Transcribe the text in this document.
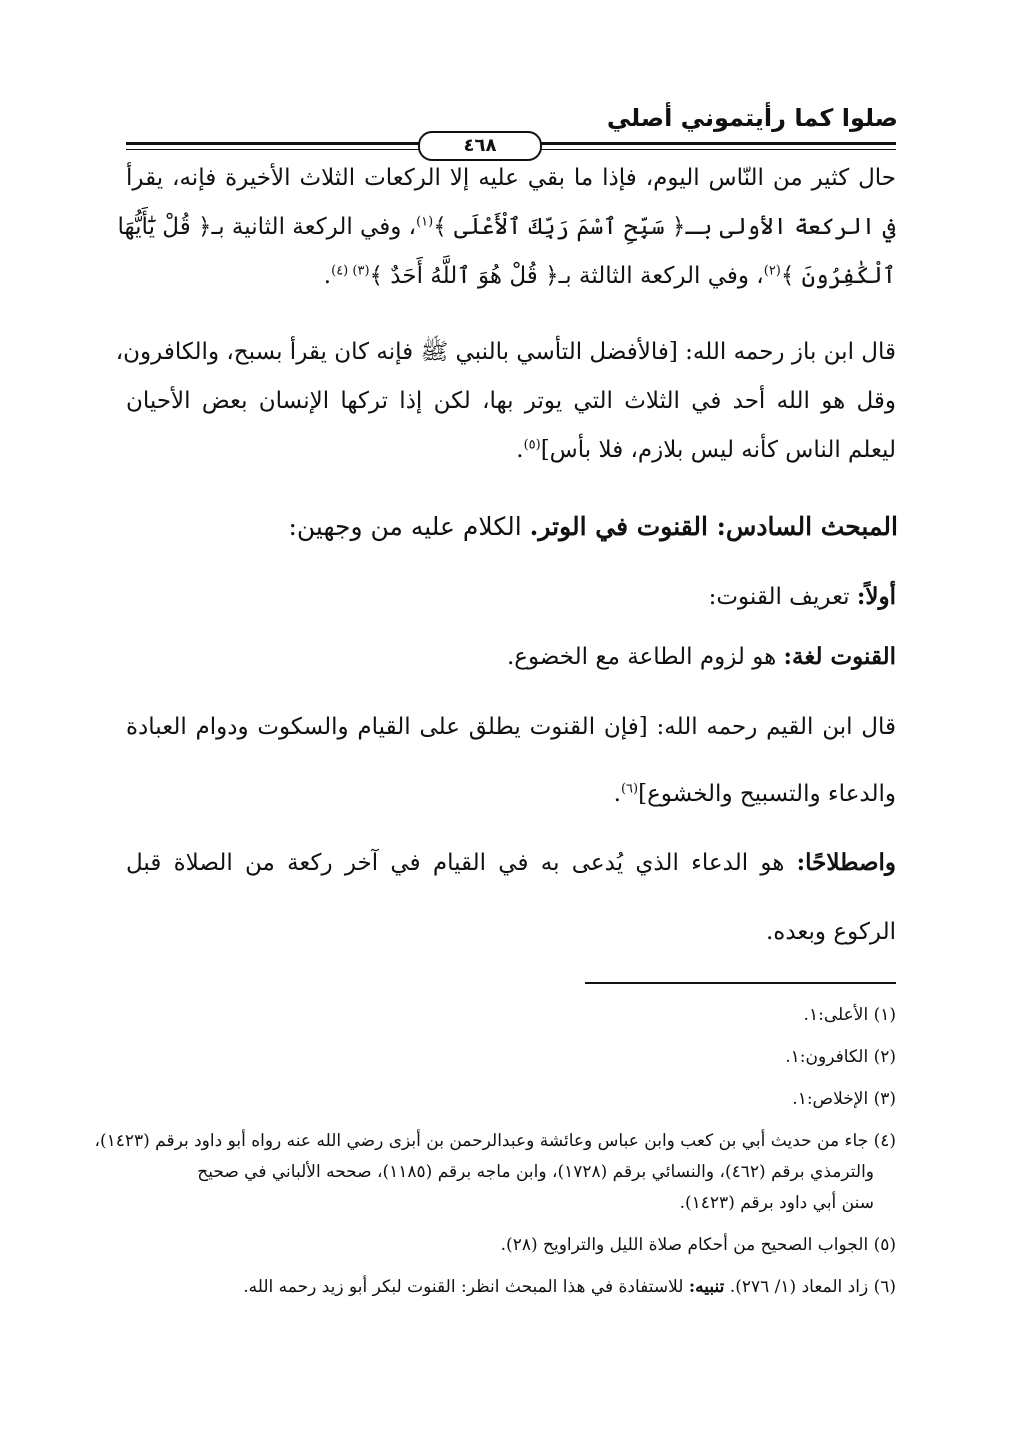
صلوا كما رأيتموني أصلي
٤٦٨
حال كثير من النّاس اليوم، فإذا ما بقي عليه إلا الركعات الثلاث الأخيرة فإنه، يقرأ
في الركعة الأولى بـ﴿ سَبِّحِ ٱسْمَ رَبِّكَ ٱلْأَعْلَى ﴾$^{(١)}$، وفي الركعة الثانية بـ﴿ قُلْ يَٰٓأَيُّهَا
ٱلْكَٰفِرُونَ ﴾$^{(٢)}$، وفي الركعة الثالثة بـ﴿ قُلْ هُوَ ٱللَّهُ أَحَدٌ ﴾$^{(٣) (٤)}$.
قال ابن باز رحمه الله: [فالأفضل التأسي بالنبي ﷺ فإنه كان يقرأ بسبح، والكافرون،
وقل هو الله أحد في الثلاث التي يوتر بها، لكن إذا تركها الإنسان بعض الأحيان
ليعلم الناس كأنه ليس بلازم، فلا بأس]$^{(٥)}$.
المبحث السادس: القنوت في الوتر. الكلام عليه من وجهين:
أولاً: تعريف القنوت:
القنوت لغة: هو لزوم الطاعة مع الخضوع.
قال ابن القيم رحمه الله: [فإن القنوت يطلق على القيام والسكوت ودوام العبادة
والدعاء والتسبيح والخشوع]$^{(٦)}$.
واصطلاحًا: هو الدعاء الذي يُدعى به في القيام في آخر ركعة من الصلاة قبل
الركوع وبعده.
(١) الأعلى:١.
(٢) الكافرون:١.
(٣) الإخلاص:١.
(٤) جاء من حديث أبي بن كعب وابن عباس وعائشة وعبدالرحمن بن أبزى رضي الله عنه رواه أبو داود برقم (١٤٢٣)،
والترمذي برقم (٤٦٢)، والنسائي برقم (١٧٢٨)، وابن ماجه برقم (١١٨٥)، صححه الألباني في صحيح
سنن أبي داود برقم (١٤٢٣).
(٥) الجواب الصحيح من أحكام صلاة الليل والتراويح (٢٨).
(٦) زاد المعاد (١/ ٢٧٦). تنبيه: للاستفادة في هذا المبحث انظر: القنوت لبكر أبو زيد رحمه الله.
